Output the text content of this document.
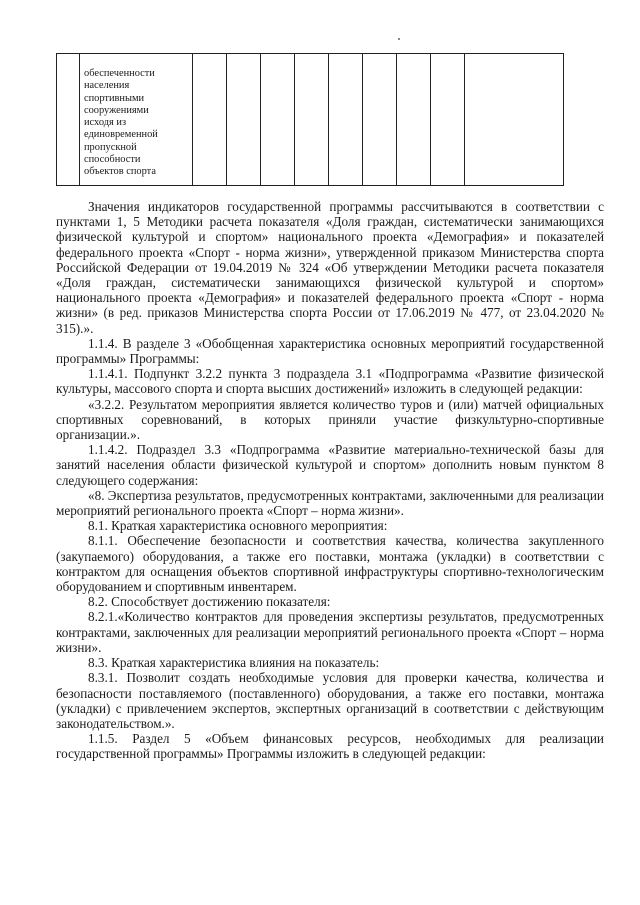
обеспеченности
населения
спортивными
сооружениями
исходя из
единовременной
пропускной
способности
объектов спорта

Значения индикаторов государственной программы рассчитываются в соответствии с пунктами 1, 5 Методики расчета показателя «Доля граждан, систематически занимающихся физической культурой и спортом» национального проекта «Демография» и показателей федерального проекта «Спорт - норма жизни», утвержденной приказом Министерства спорта Российской Федерации от 19.04.2019 № 324 «Об утверждении Методики расчета показателя «Доля граждан, систематически занимающихся физической культурой и спортом» национального проекта «Демография» и показателей федерального проекта «Спорт - норма жизни» (в ред. приказов Министерства спорта России от 17.06.2019 № 477, от 23.04.2020 № 315).».

1.1.4. В разделе 3 «Обобщенная характеристика основных мероприятий государственной программы» Программы:

1.1.4.1. Подпункт 3.2.2 пункта 3 подраздела 3.1 «Подпрограмма «Развитие физической культуры, массового спорта и спорта высших достижений» изложить в следующей редакции:

«3.2.2. Результатом мероприятия является количество туров и (или) матчей официальных спортивных соревнований, в которых приняли участие физкультурно-спортивные организации.».

1.1.4.2. Подраздел 3.3 «Подпрограмма «Развитие материально-технической базы для занятий населения области физической культурой и спортом» дополнить новым пунктом 8 следующего содержания:

«8. Экспертиза результатов, предусмотренных контрактами, заключенными для реализации мероприятий регионального проекта «Спорт – норма жизни».

8.1. Краткая характеристика основного мероприятия:

8.1.1. Обеспечение безопасности и соответствия качества, количества закупленного (закупаемого) оборудования, а также его поставки, монтажа (укладки) в соответствии с контрактом для оснащения объектов спортивной инфраструктуры спортивно-технологическим оборудованием и спортивным инвентарем.

8.2. Способствует достижению показателя:

8.2.1.«Количество контрактов для проведения экспертизы результатов, предусмотренных контрактами, заключенных для реализации мероприятий регионального проекта «Спорт – норма жизни».

8.3. Краткая характеристика влияния на показатель:

8.3.1. Позволит создать необходимые условия для проверки качества, количества и безопасности поставляемого (поставленного) оборудования, а также его поставки, монтажа (укладки) с привлечением экспертов, экспертных организаций в соответствии с действующим законодательством.».

1.1.5. Раздел 5 «Объем финансовых ресурсов, необходимых для реализации государственной программы» Программы изложить в следующей редакции:
